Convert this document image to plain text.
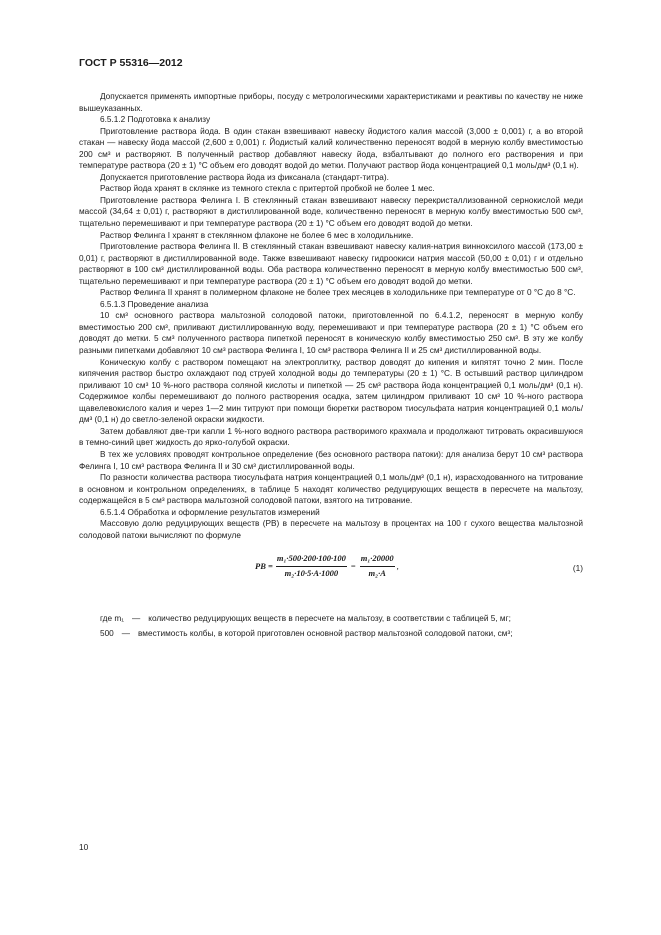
ГОСТ Р 55316—2012

Допускается применять импортные приборы, посуду с метрологическими характеристиками и реактивы по качеству не ниже вышеуказанных.

6.5.1.2 Подготовка к анализу

Приготовление раствора йода. В один стакан взвешивают навеску йодистого калия массой (3,000 ± 0,001) г, а во второй стакан — навеску йода массой (2,600 ± 0,001) г. Йодистый калий количественно переносят водой в мерную колбу вместимостью 200 см³ и растворяют. В полученный раствор добавляют навеску йода, взбалтывают до полного его растворения и при температуре раствора (20 ± 1) °С объем его доводят водой до метки. Получают раствор йода концентрацией 0,1 моль/дм³ (0,1 н).

Допускается приготовление раствора йода из фиксанала (стандарт-титра).

Раствор йода хранят в склянке из темного стекла с притертой пробкой не более 1 мес.

Приготовление раствора Фелинга I. В стеклянный стакан взвешивают навеску перекристаллизованной сернокислой меди массой (34,64 ± 0,01) г, растворяют в дистиллированной воде, количественно переносят в мерную колбу вместимостью 500 см³, тщательно перемешивают и при температуре раствора (20 ± 1) °С объем его доводят водой до метки.

Раствор Фелинга I хранят в стеклянном флаконе не более 6 мес в холодильнике.

Приготовление раствора Фелинга II. В стеклянный стакан взвешивают навеску калия-натрия винноксилого массой (173,00 ± 0,01) г, растворяют в дистиллированной воде. Также взвешивают навеску гидроокиси натрия массой (50,00 ± 0,01) г и отдельно растворяют в 100 см³ дистиллированной воды. Оба раствора количественно переносят в мерную колбу вместимостью 500 см³, тщательно перемешивают и при температуре раствора (20 ± 1) °С объем его доводят водой до метки.

Раствор Фелинга II хранят в полимерном флаконе не более трех месяцев в холодильнике при температуре от 0 °С до 8 °С.

6.5.1.3 Проведение анализа

10 см³ основного раствора мальтозной солодовой патоки, приготовленной по 6.4.1.2, переносят в мерную колбу вместимостью 200 см³, приливают дистиллированную воду, перемешивают и при температуре раствора (20 ± 1) °С объем его доводят до метки. 5 см³ полученного раствора пипеткой переносят в коническую колбу вместимостью 250 см³. В эту же колбу разными пипетками добавляют 10 см³ раствора Фелинга I, 10 см³ раствора Фелинга II и 25 см³ дистиллированной воды.

Коническую колбу с раствором помещают на электроплитку, раствор доводят до кипения и кипятят точно 2 мин. После кипячения раствор быстро охлаждают под струей холодной воды до температуры (20 ± 1) °С. В остывший раствор цилиндром приливают 10 см³ 10 %-ного раствора соляной кислоты и пипеткой — 25 см³ раствора йода концентрацией 0,1 моль/дм³ (0,1 н). Содержимое колбы перемешивают до полного растворения осадка, затем цилиндром приливают 10 см³ 10 %-ного раствора щавелевокислого калия и через 1—2 мин титруют при помощи бюретки раствором тиосульфата натрия концентрацией 0,1 моль/дм³ (0,1 н) до светло-зеленой окраски жидкости.

Затем добавляют две-три капли 1 %-ного водного раствора растворимого крахмала и продолжают титровать окрасившуюся в темно-синий цвет жидкость до ярко-голубой окраски.

В тех же условиях проводят контрольное определение (без основного раствора патоки): для анализа берут 10 см³ раствора Фелинга I, 10 см³ раствора Фелинга II и 30 см³ дистиллированной воды.

По разности количества раствора тиосульфата натрия концентрацией 0,1 моль/дм³ (0,1 н), израсходованного на титрование в основном и контрольном определениях, в таблице 5 находят количество редуцирующих веществ в пересчете на мальтозу, содержащейся в 5 см³ раствора мальтозной солодовой патоки, взятого на титрование.

6.5.1.4 Обработка и оформление результатов измерений

Массовую долю редуцирующих веществ (РВ) в пересчете на мальтозу в процентах на 100 г сухого вещества мальтозной солодовой патоки вычисляют по формуле

РВ = $\frac{\text{m₁·500·200·100·100}}{\text{m₂·10·5·A·1000}} = \frac{\text{m₁·20000}}{\text{m₂·A}}$ ,	(1)
где m₁ — количество редуцирующих веществ в пересчете на мальтозу, в соответствии с таблицей 5, мг;
500 — вместимость колбы, в которой приготовлен основной раствор мальтозной солодовой патоки, см³;
10
